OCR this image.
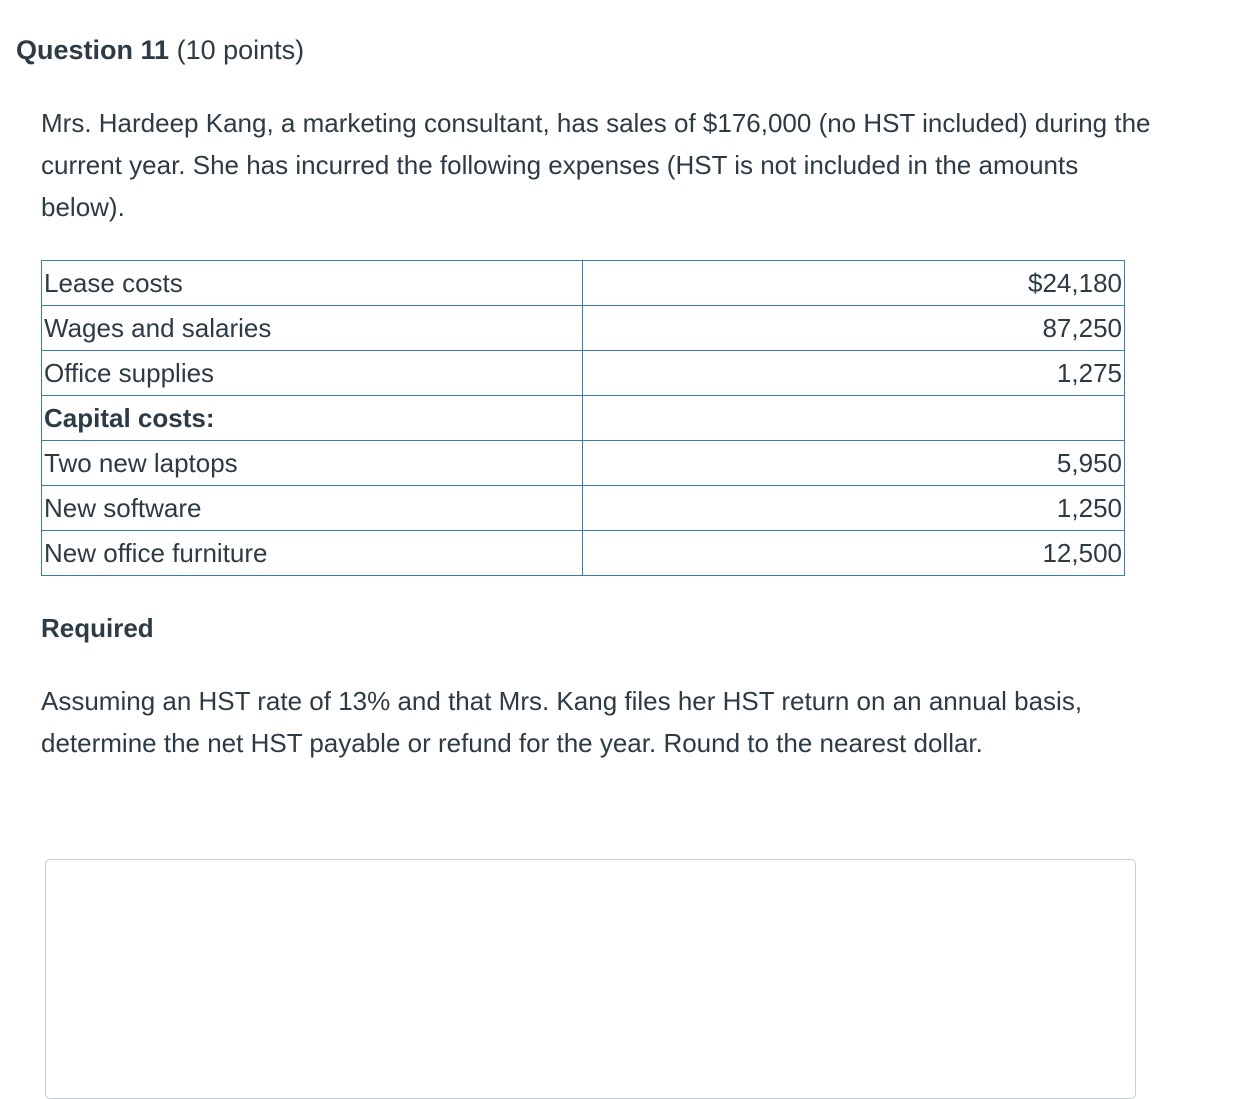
Question 11 (10 points)

Mrs. Hardeep Kang, a marketing consultant, has sales of $176,000 (no HST included) during the current year. She has incurred the following expenses (HST is not included in the amounts below).

Lease costs	$24,180
Wages and salaries	87,250
Office supplies	1,275
Capital costs:	
Two new laptops	5,950
New software	1,250
New office furniture	12,500

Required

Assuming an HST rate of 13% and that Mrs. Kang files her HST return on an annual basis, determine the net HST payable or refund for the year. Round to the nearest dollar.
